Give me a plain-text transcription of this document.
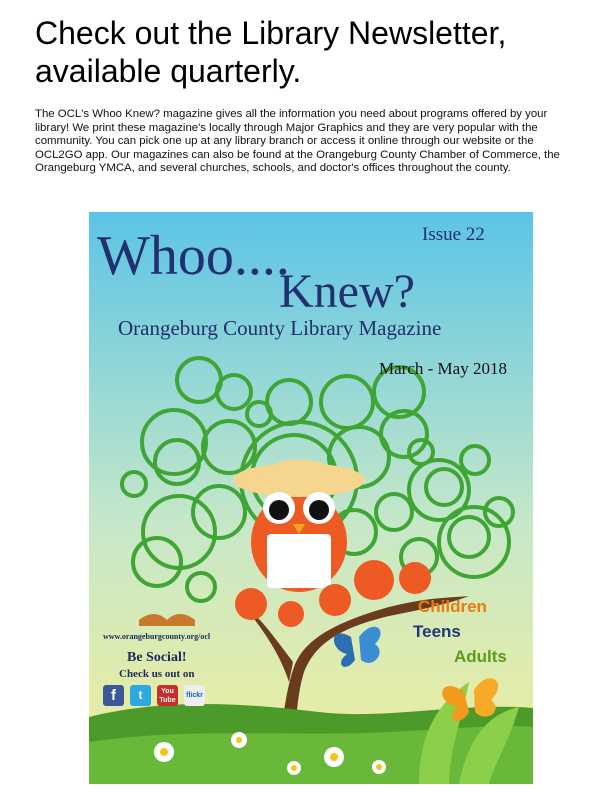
Check out the Library Newsletter,
available quarterly.

The OCL's Whoo Knew? magazine gives all the information you need about programs offered by your library! We print these magazine's locally through Major Graphics and they are very popular with the community. You can pick one up at any library branch or access it online through our website or the OCL2GO app. Our magazines can also be found at the Orangeburg County Chamber of Commerce, the Orangeburg YMCA, and several churches, schools, and doctor's offices throughout the county.

Whoo....

Knew?

Issue 22

Orangeburg County Library Magazine

March - May 2018

Children

Teens

Adults

www.orangeburgcounty.org/ocl

Be Social!

Check us out on

f	t	You Tube
flickr
